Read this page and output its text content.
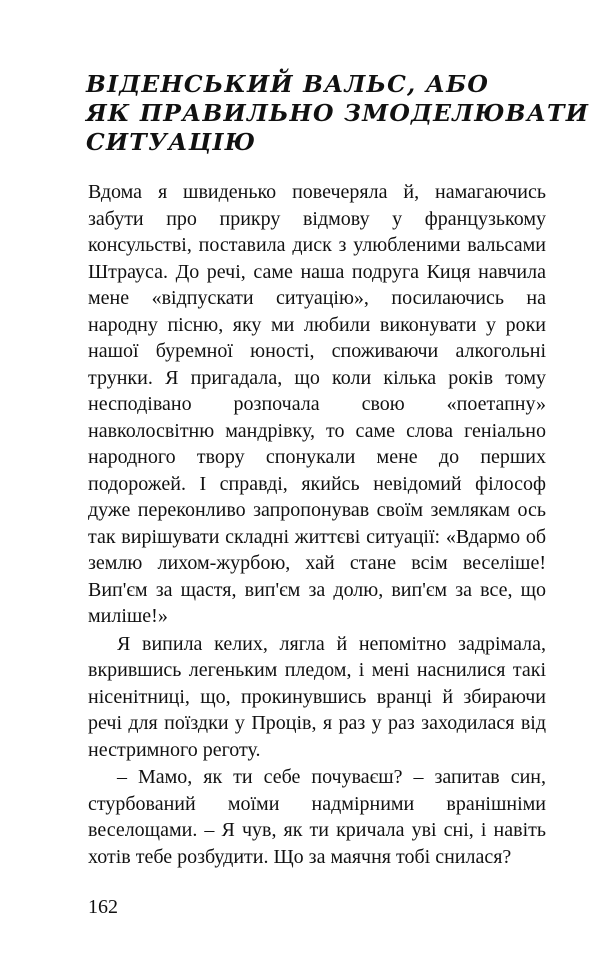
ВІДЕНСЬКИЙ ВАЛЬС, АБО
ЯК ПРАВИЛЬНО ЗМОДЕЛЮВАТИ
СИТУАЦІЮ

Вдома я швиденько повечеряла й, намагаючись забути про прикру відмову у французькому консульстві, поставила диск з улюбленими вальсами Штрауса. До речі, саме наша подруга Киця навчила мене «відпускати ситуацію», посилаючись на народну пісню, яку ми любили виконувати у роки нашої буремної юності, споживаючи алкогольні трунки. Я пригадала, що коли кілька років тому несподівано розпочала свою «поетапну» навколосвітню мандрівку, то саме слова геніально народного твору спонукали мене до перших подорожей. І справді, якийсь невідомий філософ дуже переконливо запропонував своїм землякам ось так вирішувати складні життєві ситуації: «Вдармо об землю лихом-журбою, хай стане всім веселіше! Вип'єм за щастя, вип'єм за долю, вип'єм за все, що миліше!»

Я випила келих, лягла й непомітно задрімала, вкрившись легеньким пледом, і мені наснилися такі нісенітниці, що, прокинувшись вранці й збираючи речі для поїздки у Проців, я раз у раз заходилася від нестримного реготу.

– Мамо, як ти себе почуваєш? – запитав син, стурбований моїми надмірними вранішніми веселощами. – Я чув, як ти кричала уві сні, і навіть хотів тебе розбудити. Що за маячня тобі снилася?

162
